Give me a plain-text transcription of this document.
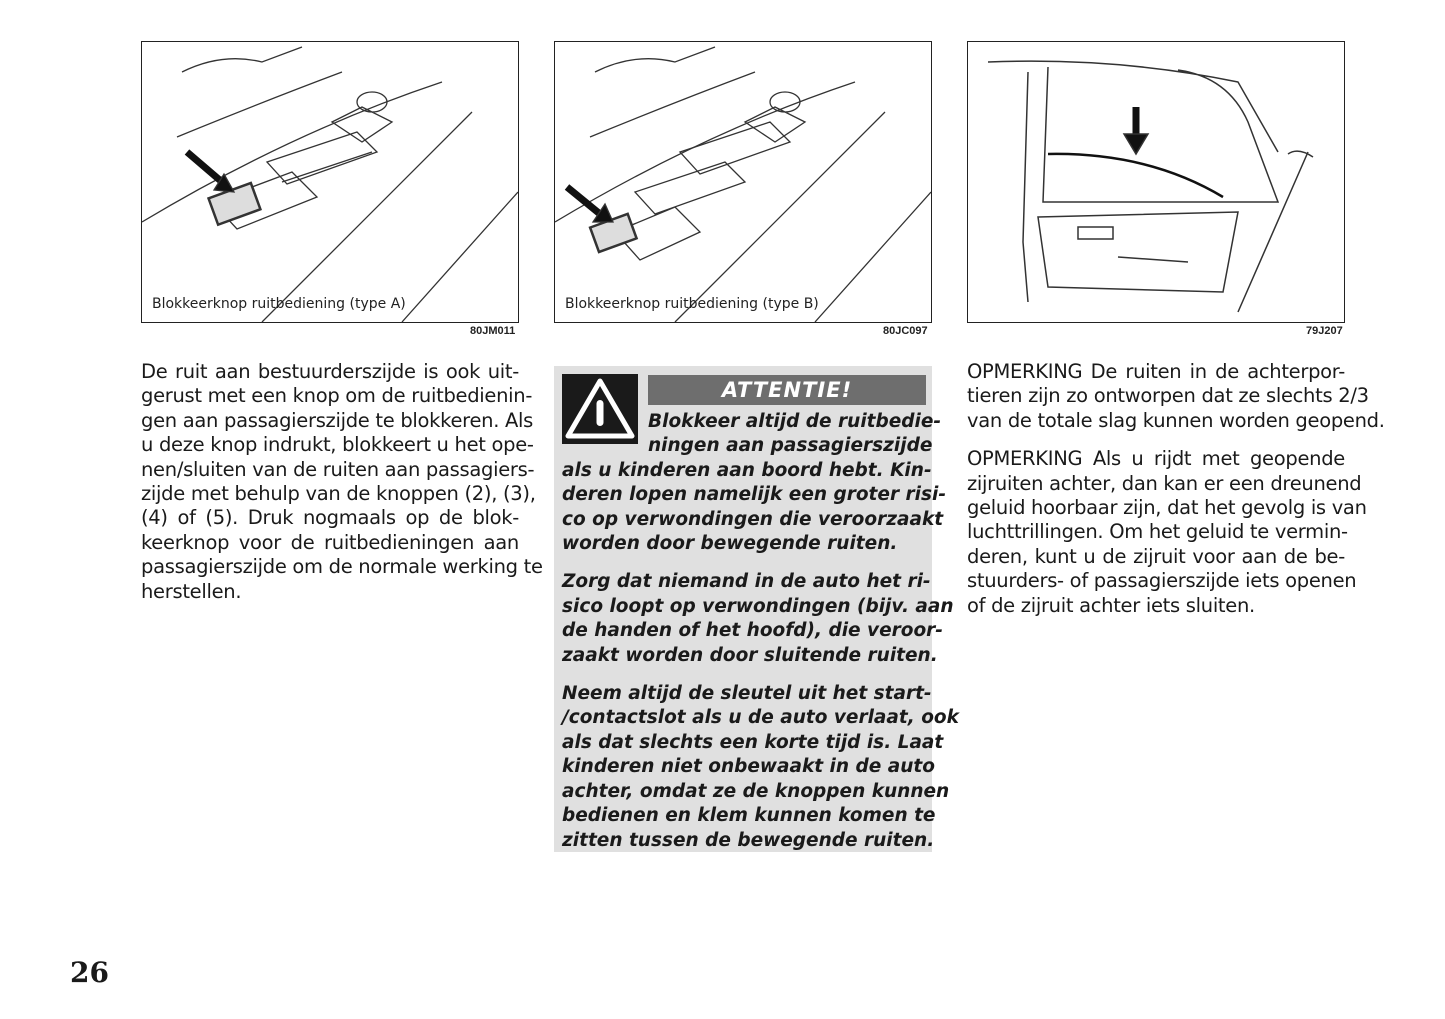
Blokkeerknop ruitbediening (type A)
80JM011
Blokkeerknop ruitbediening (type B)
80JC097	79J207
De ruit aan bestuurderszijde is ook uit-
gerust met een knop om de ruitbedienin-
gen aan passagierszijde te blokkeren. Als
u deze knop indrukt, blokkeert u het ope-
nen/sluiten van de ruiten aan passagiers-
zijde met behulp van de knoppen (2), (3),
(4) of (5). Druk nogmaals op de blok-
keerknop voor de ruitbedieningen aan
passagierszijde om de normale werking te
herstellen.
ATTENTIE!
Blokkeer altijd de ruitbedie-
ningen aan passagierszijde
als u kinderen aan boord hebt. Kin-
deren lopen namelijk een groter risi-
co op verwondingen die veroorzaakt
worden door bewegende ruiten.
Zorg dat niemand in de auto het ri-
sico loopt op verwondingen (bijv. aan
de handen of het hoofd), die veroor-
zaakt worden door sluitende ruiten.
Neem altijd de sleutel uit het start-
/contactslot als u de auto verlaat, ook
als dat slechts een korte tijd is. Laat
kinderen niet onbewaakt in de auto
achter, omdat ze de knoppen kunnen
bedienen en klem kunnen komen te
zitten tussen de bewegende ruiten.
OPMERKING De ruiten in de achterpor-
tieren zijn zo ontworpen dat ze slechts 2/3
van de totale slag kunnen worden geopend.
OPMERKING Als u rijdt met geopende
zijruiten achter, dan kan er een dreunend
geluid hoorbaar zijn, dat het gevolg is van
luchttrillingen. Om het geluid te vermin-
deren, kunt u de zijruit voor aan de be-
stuurders- of passagierszijde iets openen
of de zijruit achter iets sluiten.
26
